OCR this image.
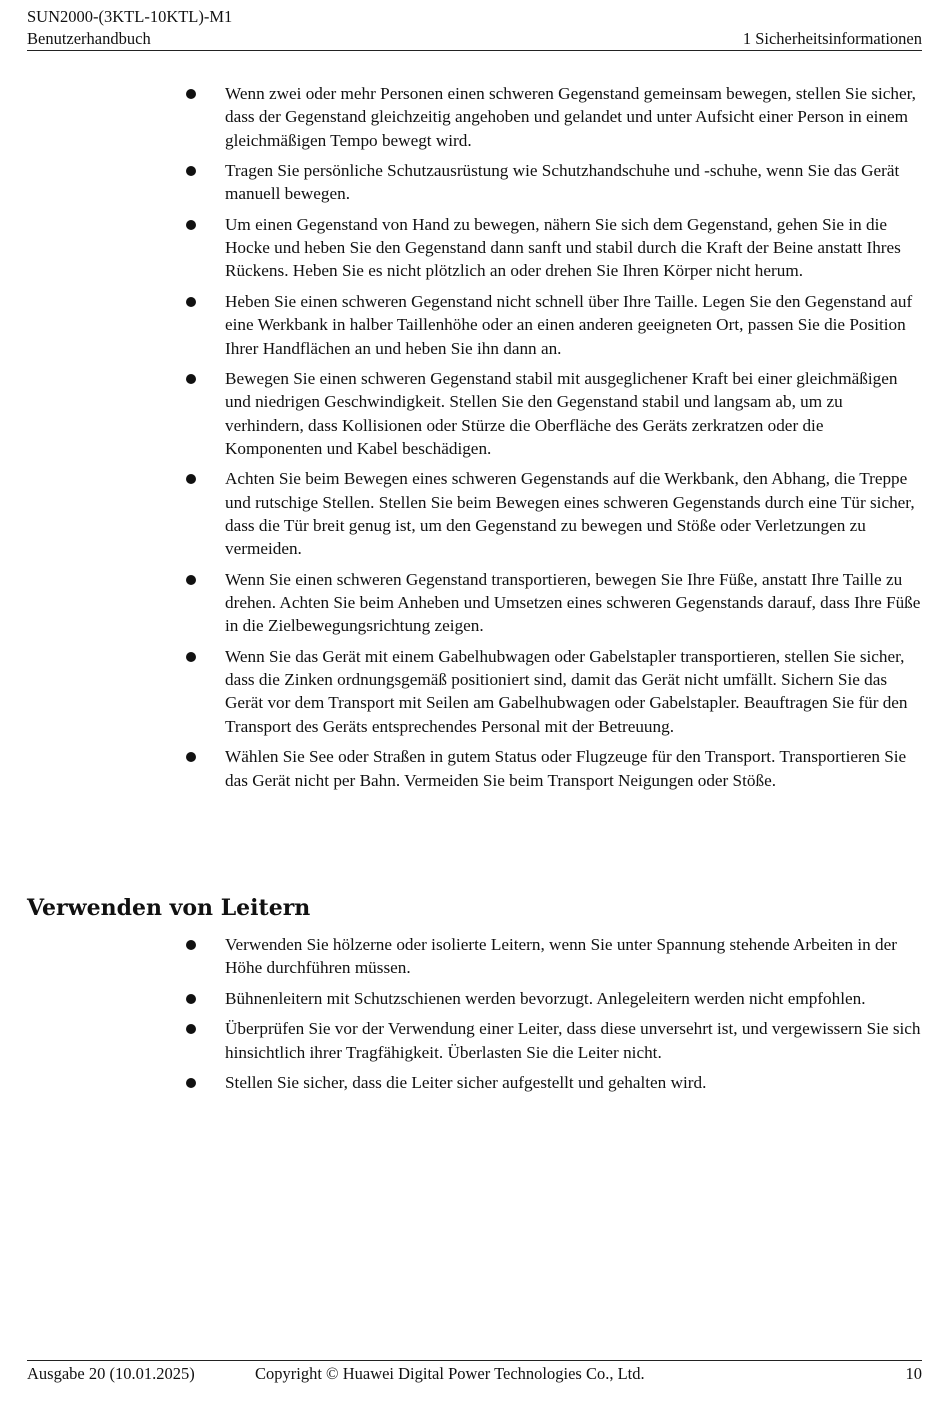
SUN2000-(3KTL-10KTL)-M1
Benutzerhandbuch	1 Sicherheitsinformationen
Wenn zwei oder mehr Personen einen schweren Gegenstand gemeinsam bewegen, stellen Sie sicher, dass der Gegenstand gleichzeitig angehoben und gelandet und unter Aufsicht einer Person in einem gleichmäßigen Tempo bewegt wird.
Tragen Sie persönliche Schutzausrüstung wie Schutzhandschuhe und -schuhe, wenn Sie das Gerät manuell bewegen.
Um einen Gegenstand von Hand zu bewegen, nähern Sie sich dem Gegenstand, gehen Sie in die Hocke und heben Sie den Gegenstand dann sanft und stabil durch die Kraft der Beine anstatt Ihres Rückens. Heben Sie es nicht plötzlich an oder drehen Sie Ihren Körper nicht herum.
Heben Sie einen schweren Gegenstand nicht schnell über Ihre Taille. Legen Sie den Gegenstand auf eine Werkbank in halber Taillenhöhe oder an einen anderen geeigneten Ort, passen Sie die Position Ihrer Handflächen an und heben Sie ihn dann an.
Bewegen Sie einen schweren Gegenstand stabil mit ausgeglichener Kraft bei einer gleichmäßigen und niedrigen Geschwindigkeit. Stellen Sie den Gegenstand stabil und langsam ab, um zu verhindern, dass Kollisionen oder Stürze die Oberfläche des Geräts zerkratzen oder die Komponenten und Kabel beschädigen.
Achten Sie beim Bewegen eines schweren Gegenstands auf die Werkbank, den Abhang, die Treppe und rutschige Stellen. Stellen Sie beim Bewegen eines schweren Gegenstands durch eine Tür sicher, dass die Tür breit genug ist, um den Gegenstand zu bewegen und Stöße oder Verletzungen zu vermeiden.
Wenn Sie einen schweren Gegenstand transportieren, bewegen Sie Ihre Füße, anstatt Ihre Taille zu drehen. Achten Sie beim Anheben und Umsetzen eines schweren Gegenstands darauf, dass Ihre Füße in die Zielbewegungsrichtung zeigen.
Wenn Sie das Gerät mit einem Gabelhubwagen oder Gabelstapler transportieren, stellen Sie sicher, dass die Zinken ordnungsgemäß positioniert sind, damit das Gerät nicht umfällt. Sichern Sie das Gerät vor dem Transport mit Seilen am Gabelhubwagen oder Gabelstapler. Beauftragen Sie für den Transport des Geräts entsprechendes Personal mit der Betreuung.
Wählen Sie See oder Straßen in gutem Status oder Flugzeuge für den Transport. Transportieren Sie das Gerät nicht per Bahn. Vermeiden Sie beim Transport Neigungen oder Stöße.
Verwenden von Leitern
Verwenden Sie hölzerne oder isolierte Leitern, wenn Sie unter Spannung stehende Arbeiten in der Höhe durchführen müssen.
Bühnenleitern mit Schutzschienen werden bevorzugt. Anlegeleitern werden nicht empfohlen.
Überprüfen Sie vor der Verwendung einer Leiter, dass diese unversehrt ist, und vergewissern Sie sich hinsichtlich ihrer Tragfähigkeit. Überlasten Sie die Leiter nicht.
Stellen Sie sicher, dass die Leiter sicher aufgestellt und gehalten wird.
Ausgabe 20 (10.01.2025)	Copyright © Huawei Digital Power Technologies Co., Ltd.	10
